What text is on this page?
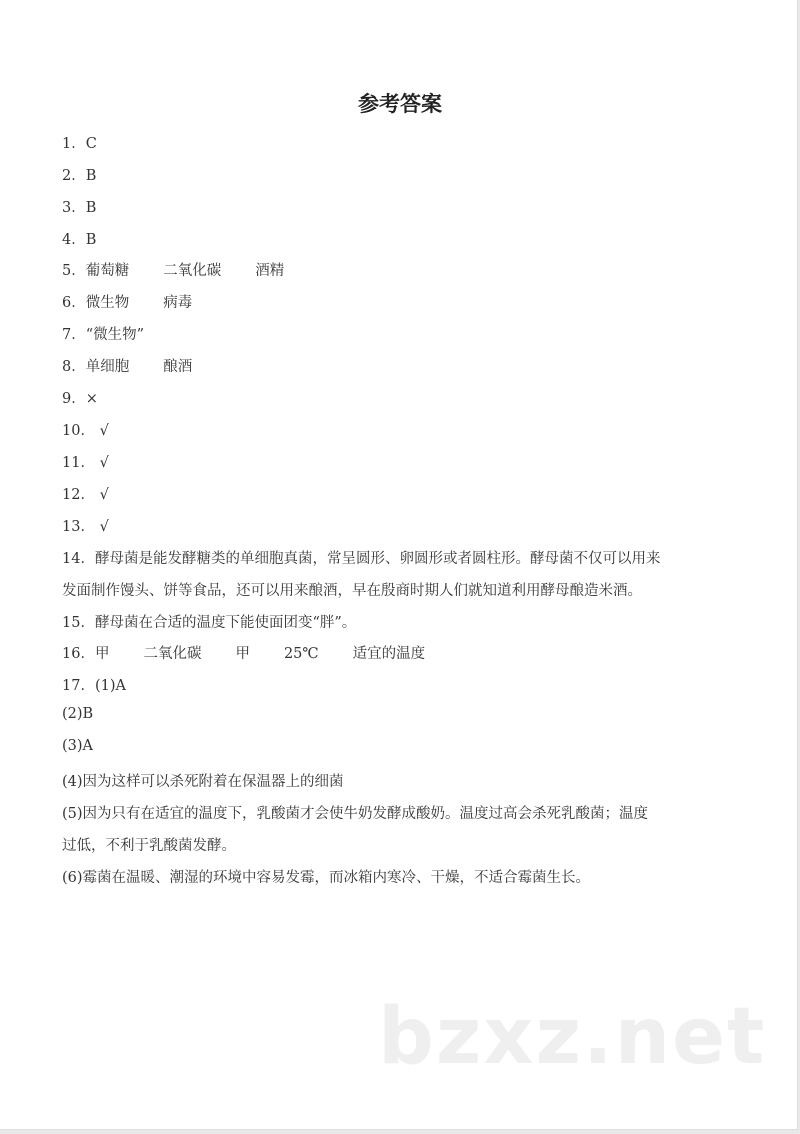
参考答案
1．C
2．B
3．B
4．B
5．葡萄糖 二氧化碳 酒精
6．微生物 病毒
7．“微生物”
8．单细胞 酿酒
9．×
10． √
11． √
12． √
13． √
14．酵母菌是能发酵糖类的单细胞真菌，常呈圆形、卵圆形或者圆柱形。酵母菌不仅可以用来
发面制作馒头、饼等食品，还可以用来酿酒，早在殷商时期人们就知道利用酵母酿造米酒。
15．酵母菌在合适的温度下能使面团变“胖”。
16．甲 二氧化碳 甲 25℃ 适宜的温度
17．(1)A
(2)B
(3)A
(4)因为这样可以杀死附着在保温器上的细菌
(5)因为只有在适宜的温度下，乳酸菌才会使牛奶发酵成酸奶。温度过高会杀死乳酸菌；温度
过低，不利于乳酸菌发酵。
(6)霉菌在温暖、潮湿的环境中容易发霉，而冰箱内寒冷、干燥，不适合霉菌生长。
bzxz.net
